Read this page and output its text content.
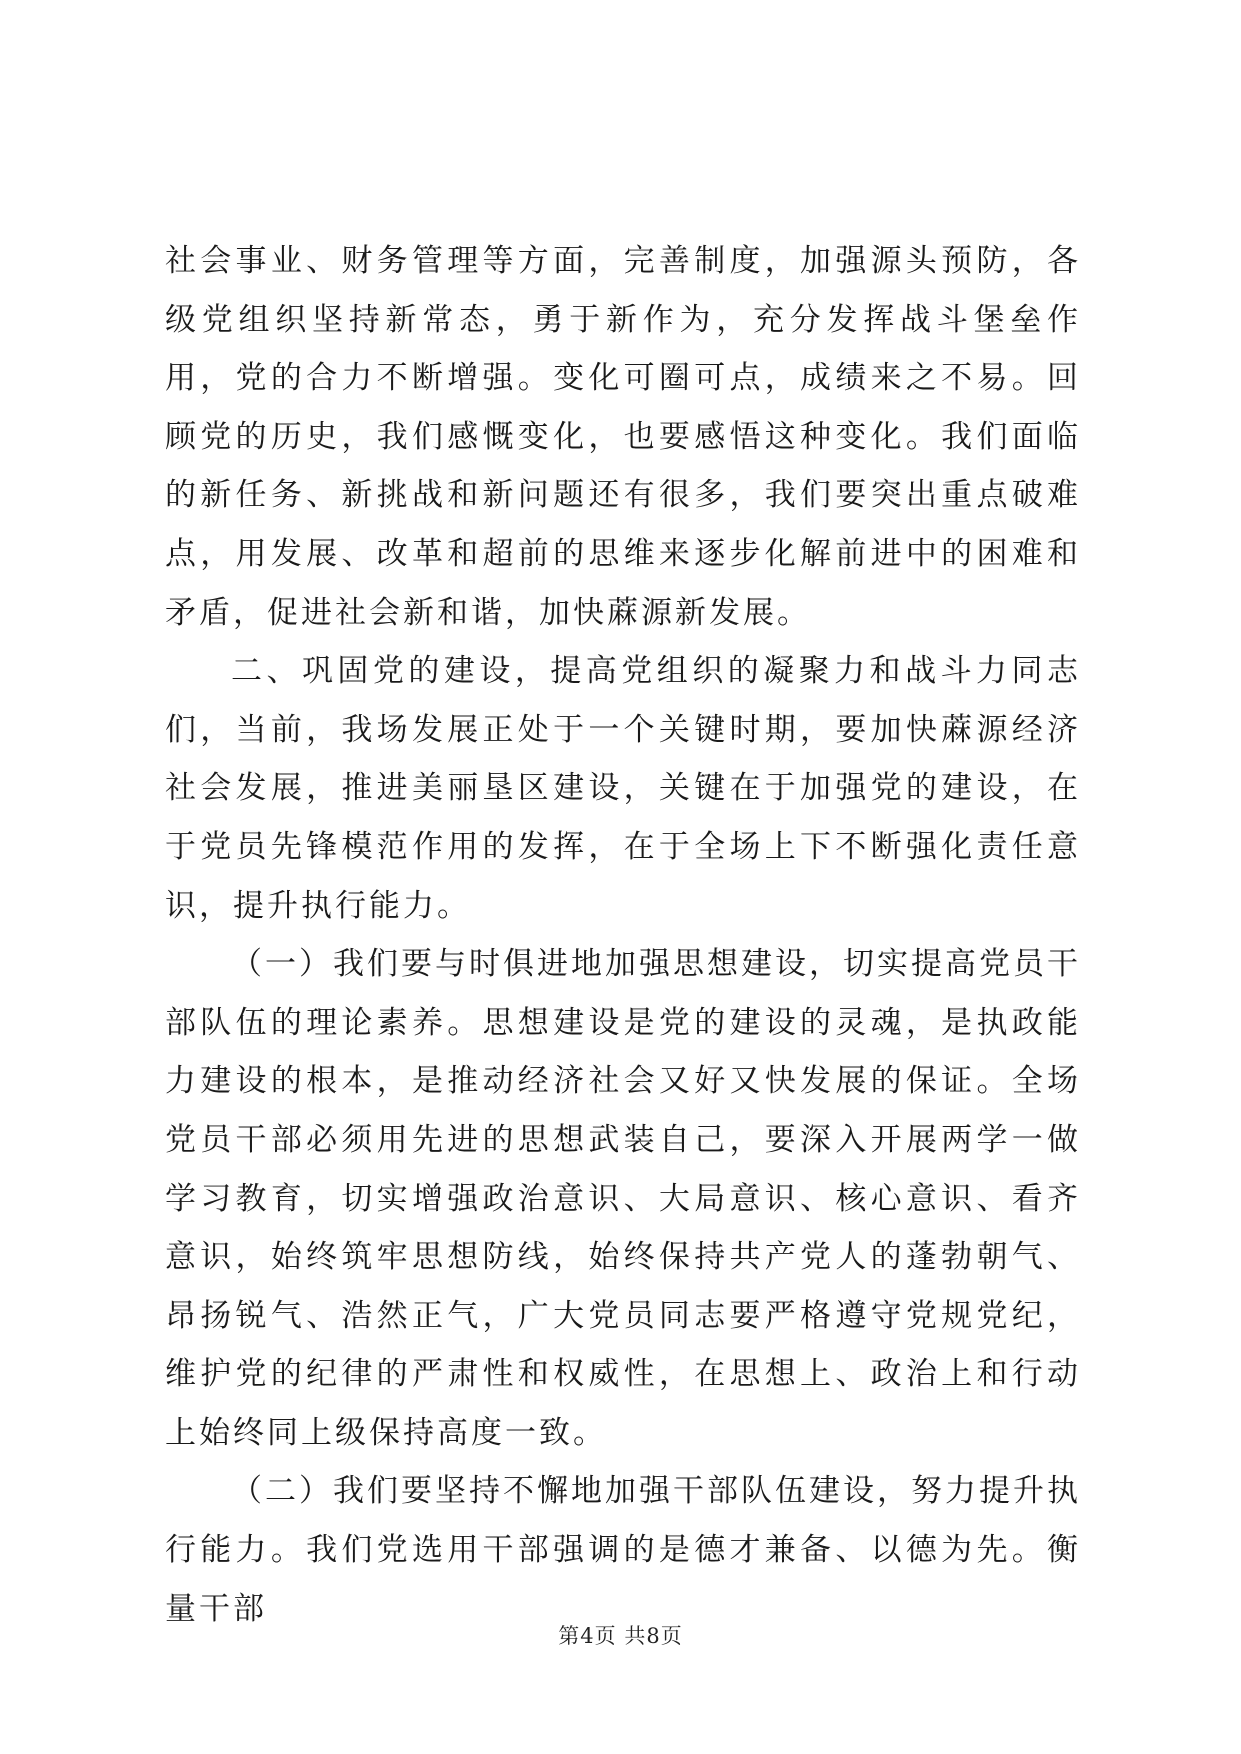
社会事业、财务管理等方面，完善制度，加强源头预防，各级党组织坚持新常态，勇于新作为，充分发挥战斗堡垒作用，党的合力不断增强。变化可圈可点，成绩来之不易。回顾党的历史，我们感慨变化，也要感悟这种变化。我们面临的新任务、新挑战和新问题还有很多，我们要突出重点破难点，用发展、改革和超前的思维来逐步化解前进中的困难和矛盾，促进社会新和谐，加快蔴源新发展。

二、巩固党的建设，提高党组织的凝聚力和战斗力同志们，当前，我场发展正处于一个关键时期，要加快蔴源经济社会发展，推进美丽垦区建设，关键在于加强党的建设，在于党员先锋模范作用的发挥，在于全场上下不断强化责任意识，提升执行能力。

（一）我们要与时俱进地加强思想建设，切实提高党员干部队伍的理论素养。思想建设是党的建设的灵魂，是执政能力建设的根本，是推动经济社会又好又快发展的保证。全场党员干部必须用先进的思想武装自己，要深入开展两学一做学习教育，切实增强政治意识、大局意识、核心意识、看齐意识，始终筑牢思想防线，始终保持共产党人的蓬勃朝气、昂扬锐气、浩然正气，广大党员同志要严格遵守党规党纪，维护党的纪律的严肃性和权威性，在思想上、政治上和行动上始终同上级保持高度一致。

（二）我们要坚持不懈地加强干部队伍建设，努力提升执行能力。我们党选用干部强调的是德才兼备、以德为先。衡量干部

第4页 共8页
